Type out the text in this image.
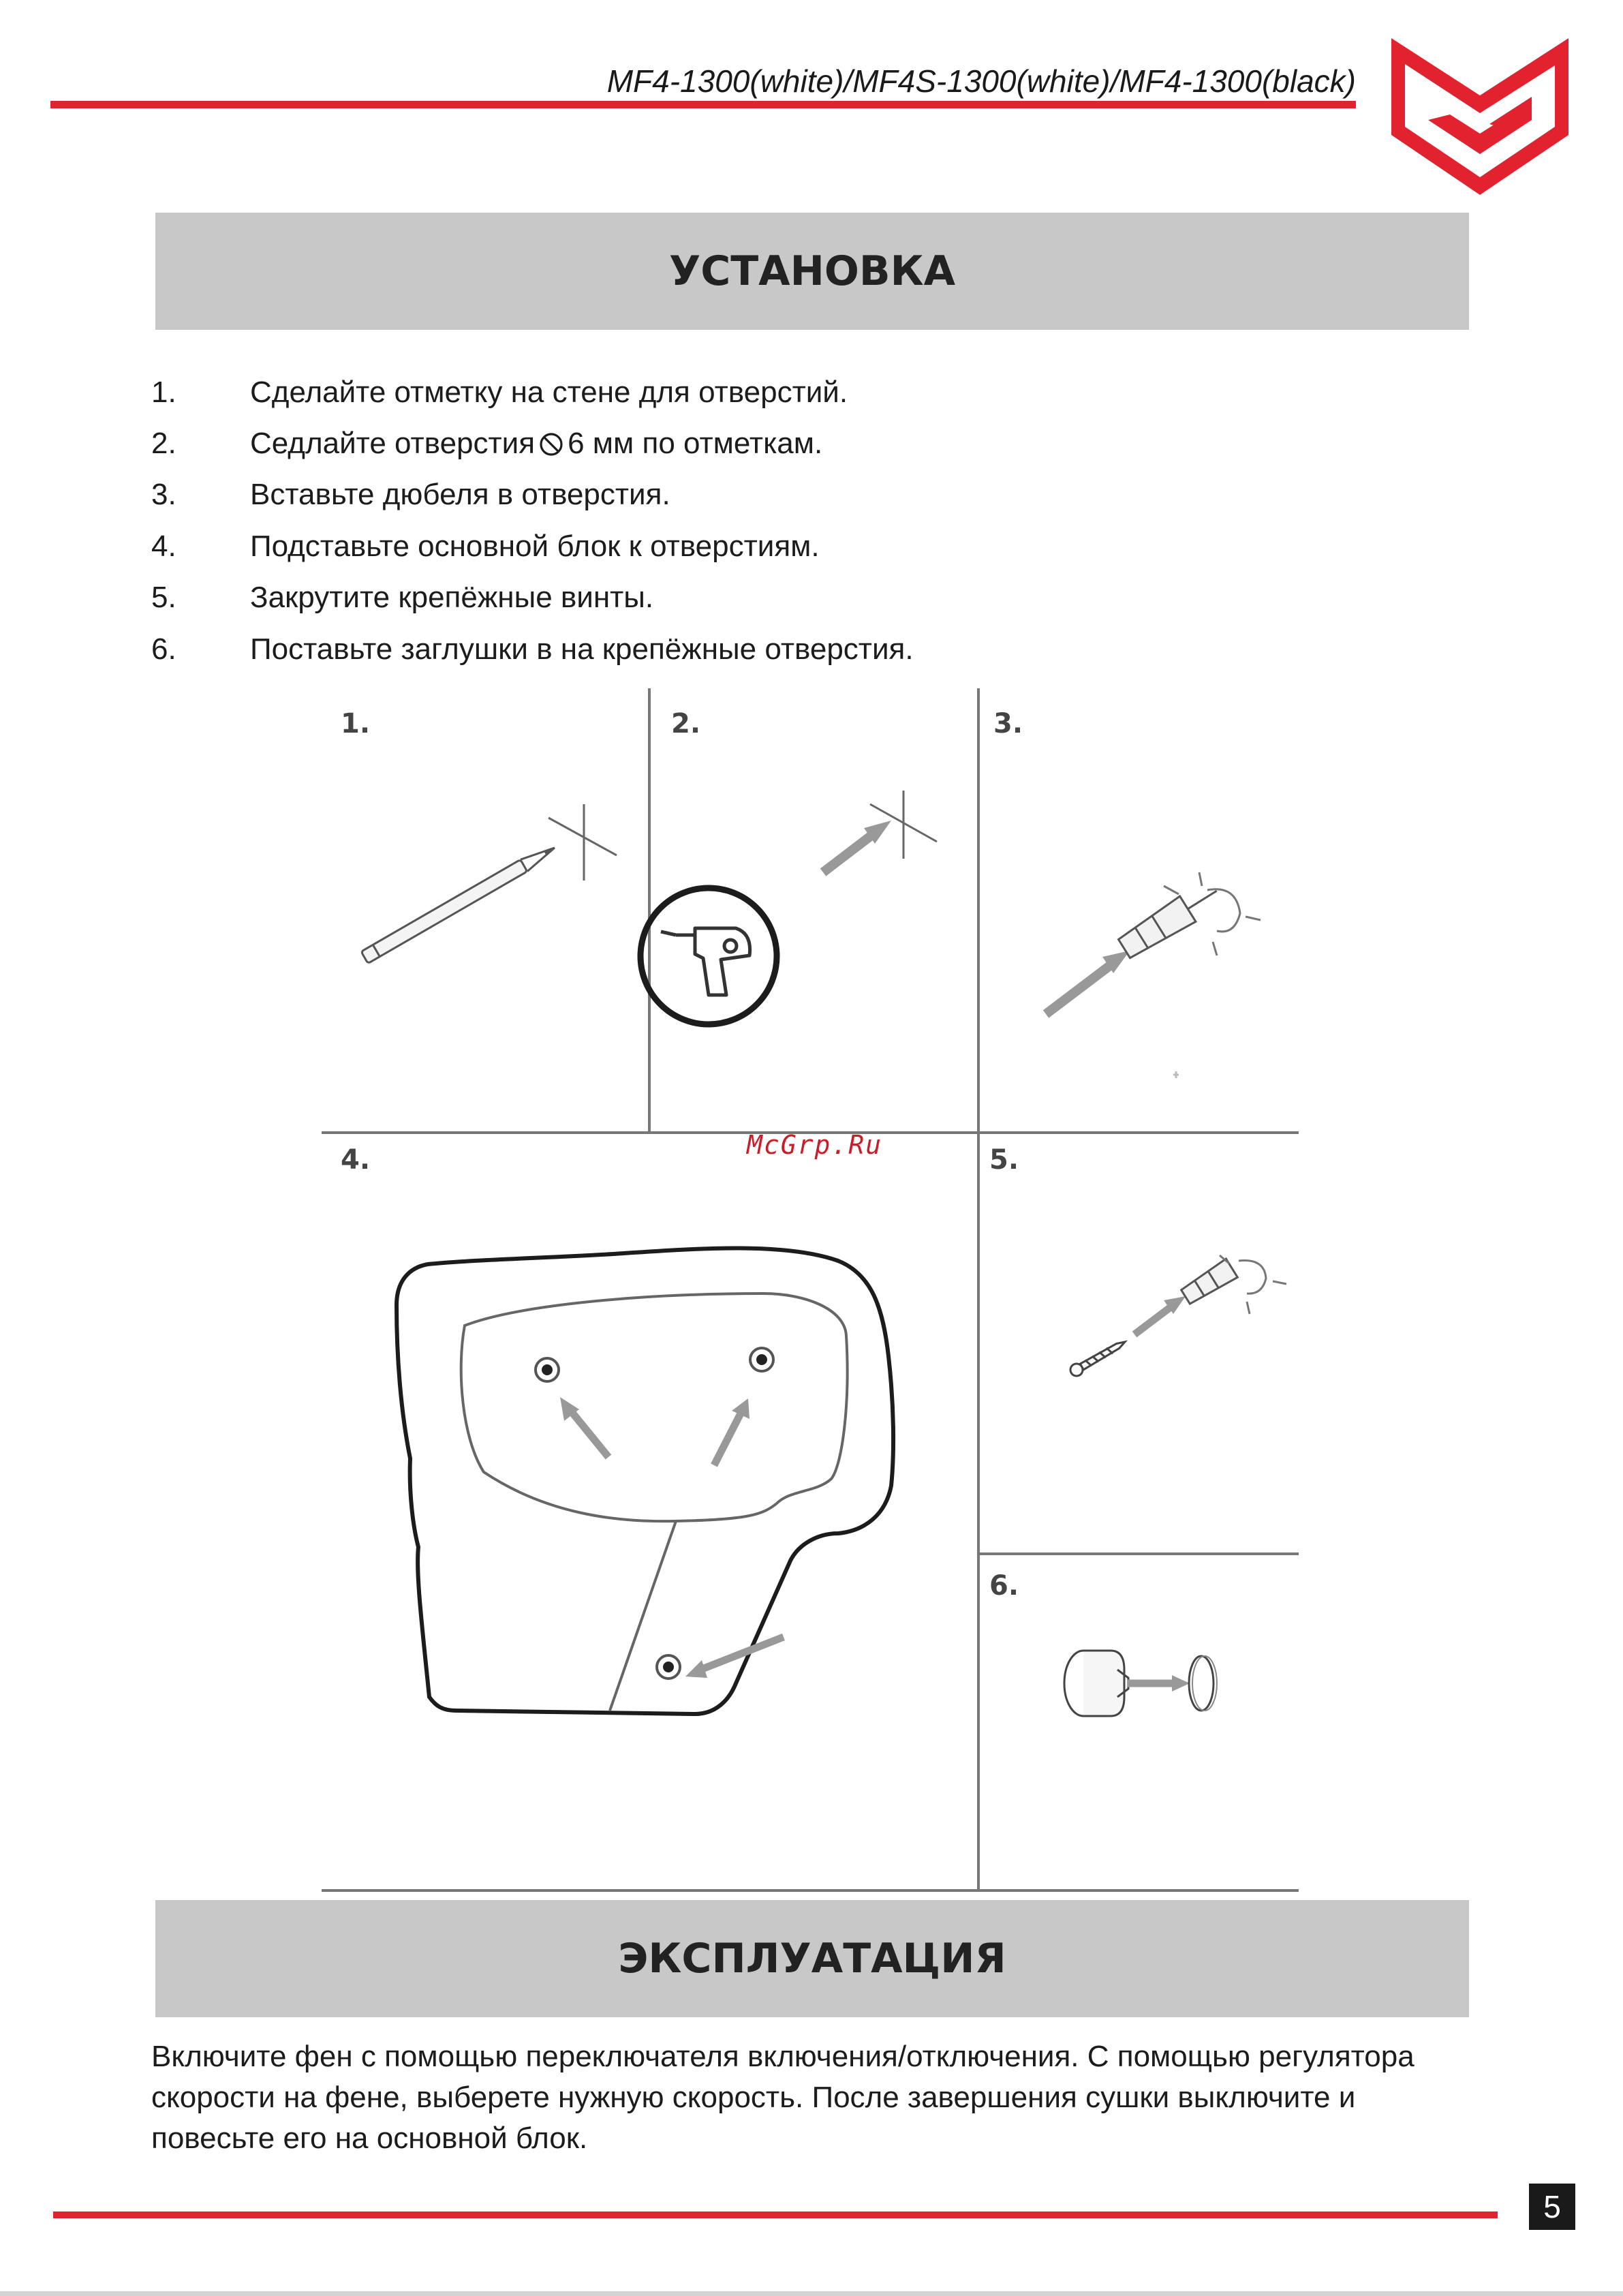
MF4-1300(white)/MF4S-1300(white)/MF4-1300(black)
УСТАНОВКА
1.	Сделайте отметку на стене для отверстий.
2.	Седлайте отверстия 6 мм по отметкам.
3.	Вставьте дюбеля в отверстия.
4.	Подставьте основной блок к отверстиям.
5.	Закрутите крепёжные винты.
6.	Поставьте заглушки в на крепёжные отверстия.
1.	2.	3.
4.	5.
6.
McGrp.Ru
ЭКСПЛУАТАЦИЯ
Включите фен с помощью переключателя включения/отключения. С помощью регулятора скорости на фене, выберете нужную скорость. После завершения сушки выключите и повесьте его на основной блок.
5
